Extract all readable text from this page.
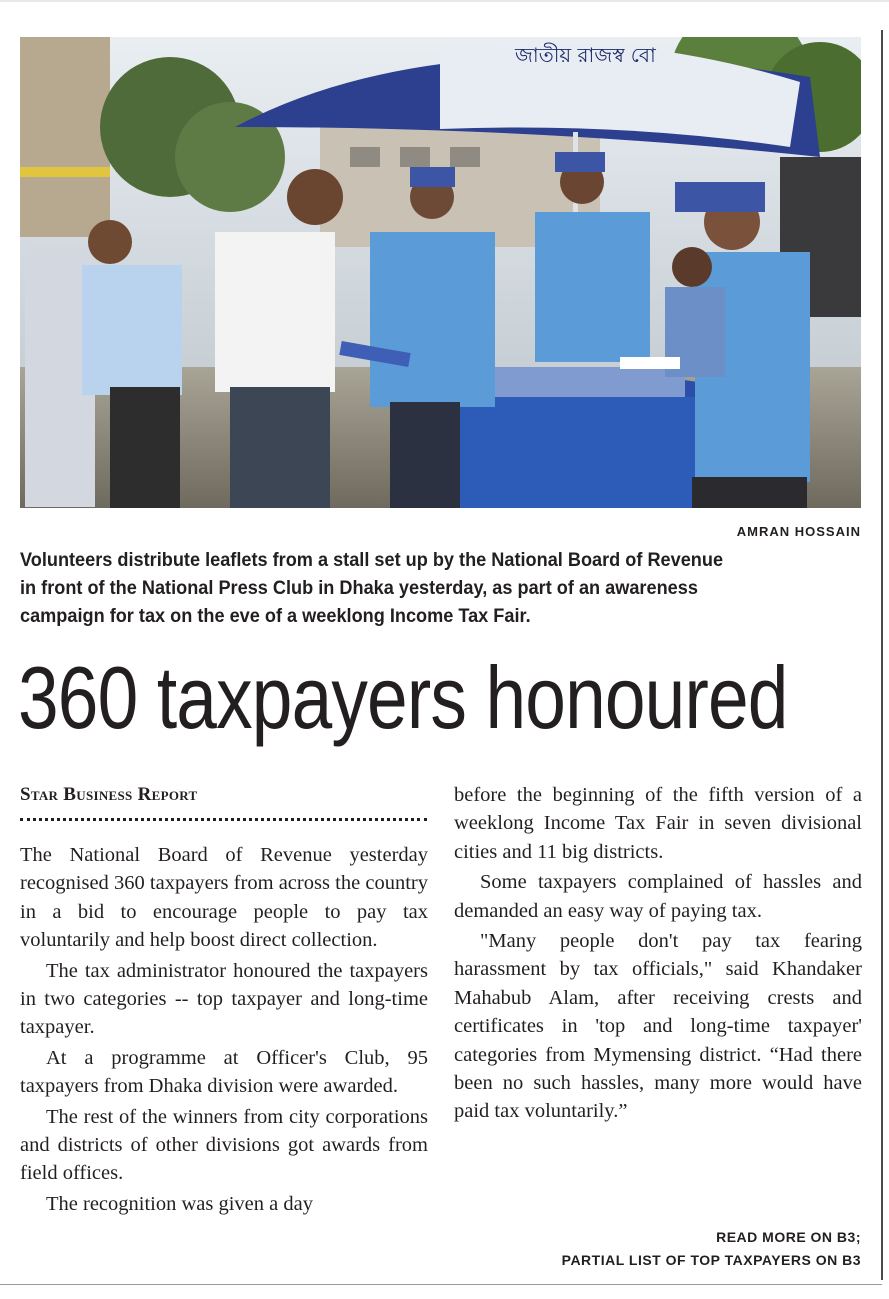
জাতীয় রাজস্ব বো
AMRAN HOSSAIN
Volunteers distribute leaflets from a stall set up by the National Board of Revenue
in front of the National Press Club in Dhaka yesterday, as part of an awareness
campaign for tax on the eve of a weeklong Income Tax Fair.
360 taxpayers honoured
Star Business Report

The National Board of Revenue yesterday recognised 360 taxpayers from across the country in a bid to encourage people to pay tax voluntarily and help boost direct collection.

The tax administrator honoured the taxpayers in two categories -- top taxpayer and long-time taxpayer.

At a programme at Officer's Club, 95 taxpayers from Dhaka division were awarded.

The rest of the winners from city corporations and districts of other divisions got awards from field offices.

The recognition was given a day

before the beginning of the fifth version of a weeklong Income Tax Fair in seven divisional cities and 11 big districts.

Some taxpayers complained of hassles and demanded an easy way of paying tax.

"Many people don't pay tax fearing harassment by tax officials," said Khandaker Mahabub Alam, after receiving crests and certificates in 'top and long-time taxpayer' categories from Mymensing district. “Had there been no such hassles, many more would have paid tax voluntarily.”

READ MORE ON B3;
PARTIAL LIST OF TOP TAXPAYERS ON B3
